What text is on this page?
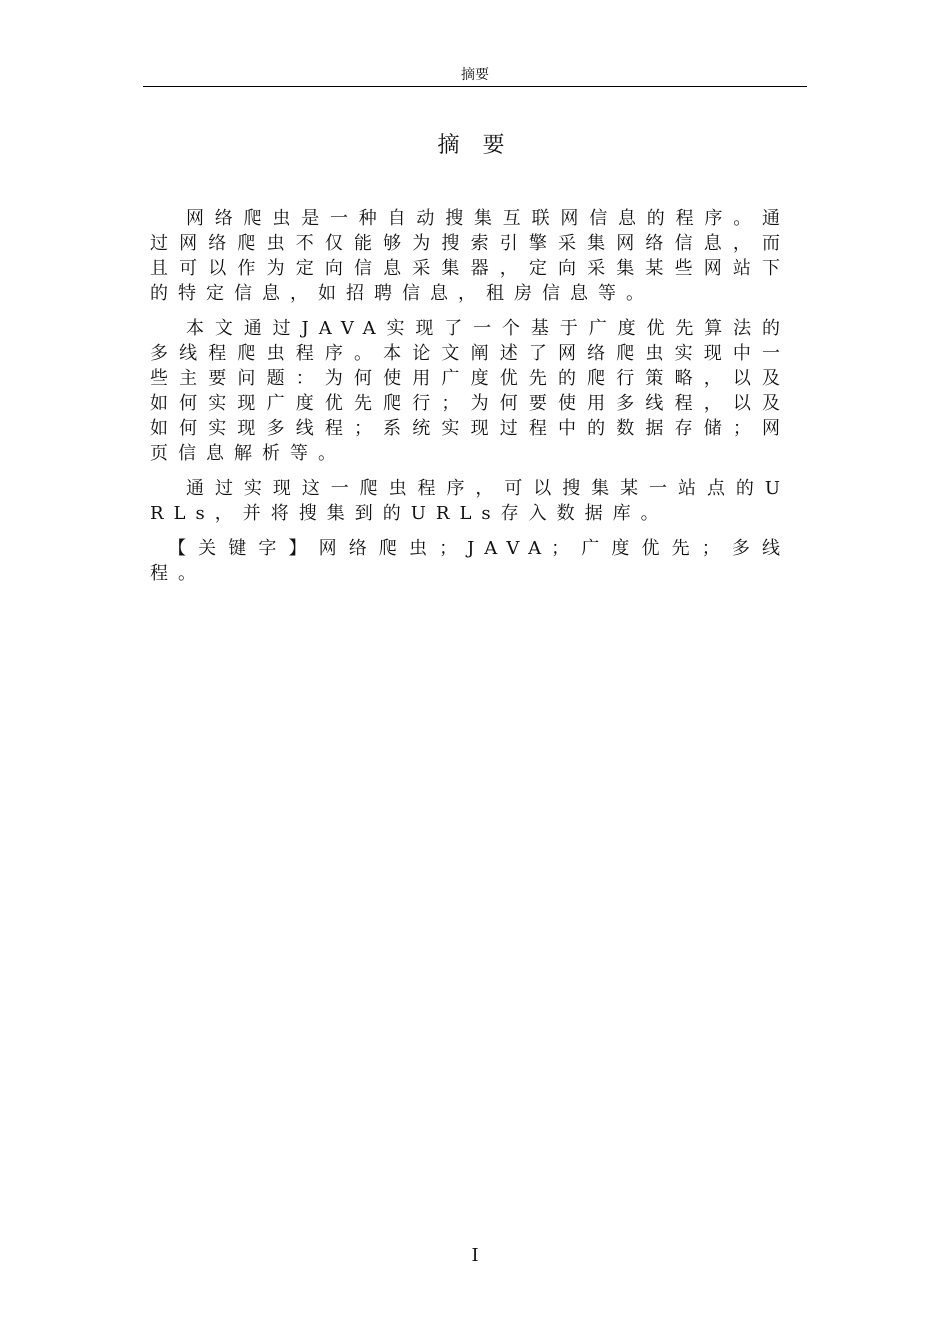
摘要
摘 要

网络爬虫是一种自动搜集互联网信息的程序。通过网络爬虫不仅能够为搜索引擎采集网络信息，而且可以作为定向信息采集器，定向采集某些网站下的特定信息，如招聘信息，租房信息等。

本文通过JAVA实现了一个基于广度优先算法的多线程爬虫程序。本论文阐述了网络爬虫实现中一些主要问题：为何使用广度优先的爬行策略，以及如何实现广度优先爬行；为何要使用多线程，以及如何实现多线程；系统实现过程中的数据存储；网页信息解析等。

通过实现这一爬虫程序，可以搜集某一站点的URLs，并将搜集到的URLs存入数据库。

【关键字】网络爬虫；JAVA；广度优先；多线程。

I
